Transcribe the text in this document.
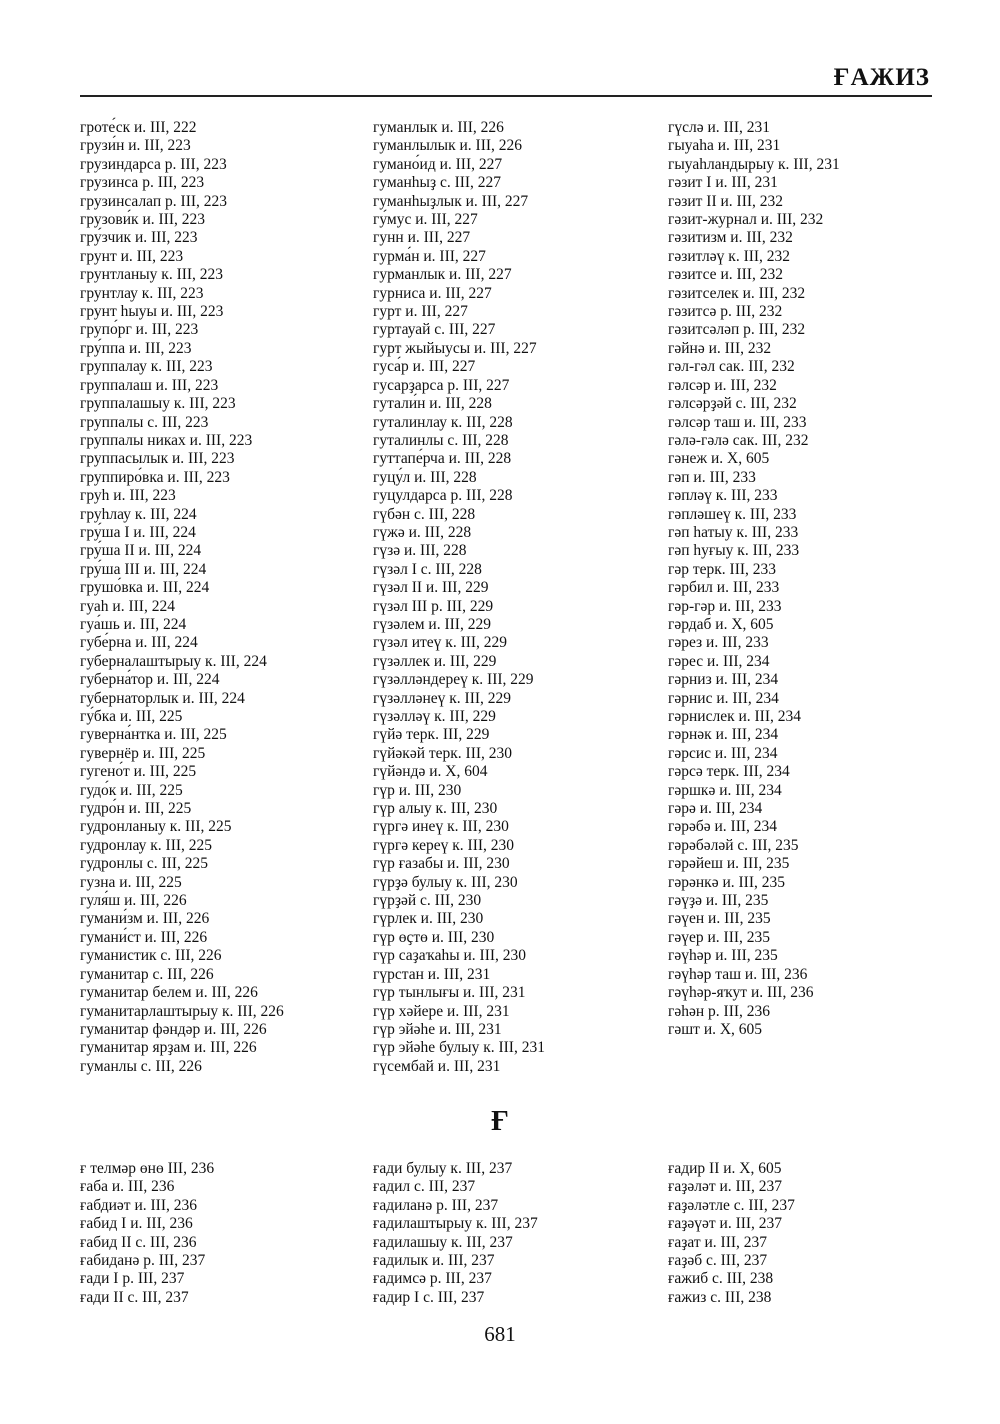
ҒАЖИЗ
гроте́ск и. III, 222
грузи́н и. III, 223
грузиндарса р. III, 223
грузинса р. III, 223
грузинсалап р. III, 223
грузови́к и. III, 223
гру́зчик и. III, 223
грунт и. III, 223
грунтланыу к. III, 223
грунтлау к. III, 223
грунт һыуы и. III, 223
групо́рг и. III, 223
гру́ппа и. III, 223
группалау к. III, 223
группалаш и. III, 223
группалашыу к. III, 223
группалы с. III, 223
группалы никах и. III, 223
группасылык и. III, 223
группиро́вка и. III, 223
груһ и. III, 223
груһлау к. III, 224
гру́ша I и. III, 224
гру́ша II и. III, 224
гру́ша III и. III, 224
грушо́вка и. III, 224
гуаһ и. III, 224
гуа́шь и. III, 224
губе́рна и. III, 224
губерналаштырыу к. III, 224
губерна́тор и. III, 224
губернаторлык и. III, 224
гу́бка и. III, 225
гуверна́нтка и. III, 225
гувернёр и. III, 225
гугено́т и. III, 225
гудо́к и. III, 225
гудро́н и. III, 225
гудронланыу к. III, 225
гудронлау к. III, 225
гудронлы с. III, 225
гузна и. III, 225
гуля́ш и. III, 226
гумани́зм и. III, 226
гумани́ст и. III, 226
гуманистик с. III, 226
гуманитар с. III, 226
гуманитар белем и. III, 226
гуманитарлаштырыу к. III, 226
гуманитар фәндәр и. III, 226
гуманитар ярҙам и. III, 226
гуманлы с. III, 226
гуманлык и. III, 226
гуманлылык и. III, 226
гумано́ид и. III, 227
гуманһыҙ с. III, 227
гуманһыҙлык и. III, 227
гу́мус и. III, 227
гунн и. III, 227
гурма́н и. III, 227
гурманлык и. III, 227
гурниса и. III, 227
гурт и. III, 227
гуртауай с. III, 227
гурт жыйыусы и. III, 227
гуса́р и. III, 227
гусарҙарса р. III, 227
гутали́н и. III, 228
гуталинлау к. III, 228
гуталинлы с. III, 228
гуттапе́рча и. III, 228
гуцу́л и. III, 228
гуцулдарса р. III, 228
гүбән с. III, 228
гүжә и. III, 228
гүзә и. III, 228
гүзәл I с. III, 228
гүзәл II и. III, 229
гүзәл III р. III, 229
гүзәлем и. III, 229
гүзәл итеү к. III, 229
гүзәллек и. III, 229
гүзәлләндереү к. III, 229
гүзәлләнеү к. III, 229
гүзәлләү к. III, 229
гүйә терк. III, 229
гүйәкәй терк. III, 230
гүйәндә и. X, 604
гүр и. III, 230
гүр алыу к. III, 230
гүргә инеү к. III, 230
гүргә кереү к. III, 230
гүр ғазабы и. III, 230
гүрҙә булыу к. III, 230
гүрҙәй с. III, 230
гүрлек и. III, 230
гүр өҫтө и. III, 230
гүр саҙаҡаһы и. III, 230
гүрстан и. III, 231
гүр тынлығы и. III, 231
гүр хәйере и. III, 231
гүр эйәһе и. III, 231
гүр эйәһе булыу к. III, 231
гүсембай и. III, 231
гүслә и. III, 231
гыуаһа и. III, 231
гыуаһландырыу к. III, 231
гәзит I и. III, 231
гәзит II и. III, 232
гәзит-журнал и. III, 232
гәзитизм и. III, 232
гәзитләү к. III, 232
гәзитсе и. III, 232
гәзитселек и. III, 232
гәзитсә р. III, 232
гәзитсәләп р. III, 232
гәйнә и. III, 232
гәл-гәл сак. III, 232
гәлсәр и. III, 232
гәлсәрҙәй с. III, 232
гәлсәр таш и. III, 233
гәлә-гәлә сак. III, 232
гәнеж и. X, 605
гәп и. III, 233
гәпләү к. III, 233
гәпләшеү к. III, 233
гәп һатыу к. III, 233
гәп һуғыу к. III, 233
гәр терк. III, 233
гәрбил и. III, 233
гәр-гәр и. III, 233
гәрдаб и. X, 605
гәрез и. III, 233
гәрес и. III, 234
гәрниз и. III, 234
гәрнис и. III, 234
гәрнислек и. III, 234
гәрнәк и. III, 234
гәрсис и. III, 234
гәрсә терк. III, 234
гәршкә и. III, 234
гәрә и. III, 234
гәрәбә и. III, 234
гәрәбәләй с. III, 235
гәрәйеш и. III, 235
гәрәнкә и. III, 235
гәүҙә и. III, 235
гәүен и. III, 235
гәүер и. III, 235
гәүһәр и. III, 235
гәүһәр таш и. III, 236
гәүһәр-яҡут и. III, 236
гәһән р. III, 236
гәшт и. X, 605
Ғ
ғ телмәр өнө III, 236
ғаба и. III, 236
ғабдиәт и. III, 236
ғабид I и. III, 236
ғабид II с. III, 236
ғабиданә р. III, 237
ғади I р. III, 237
ғади II с. III, 237
ғади булыу к. III, 237
ғадил с. III, 237
ғадиланә р. III, 237
ғадилаштырыу к. III, 237
ғадилашыу к. III, 237
ғадилык и. III, 237
ғадимсә р. III, 237
ғадир I с. III, 237
ғадир II и. X, 605
ғаҙәләт и. III, 237
ғаҙәләтле с. III, 237
ғаҙәүәт и. III, 237
ғаҙат и. III, 237
ғаҙәб с. III, 237
ғажиб с. III, 238
ғажиз с. III, 238
681
